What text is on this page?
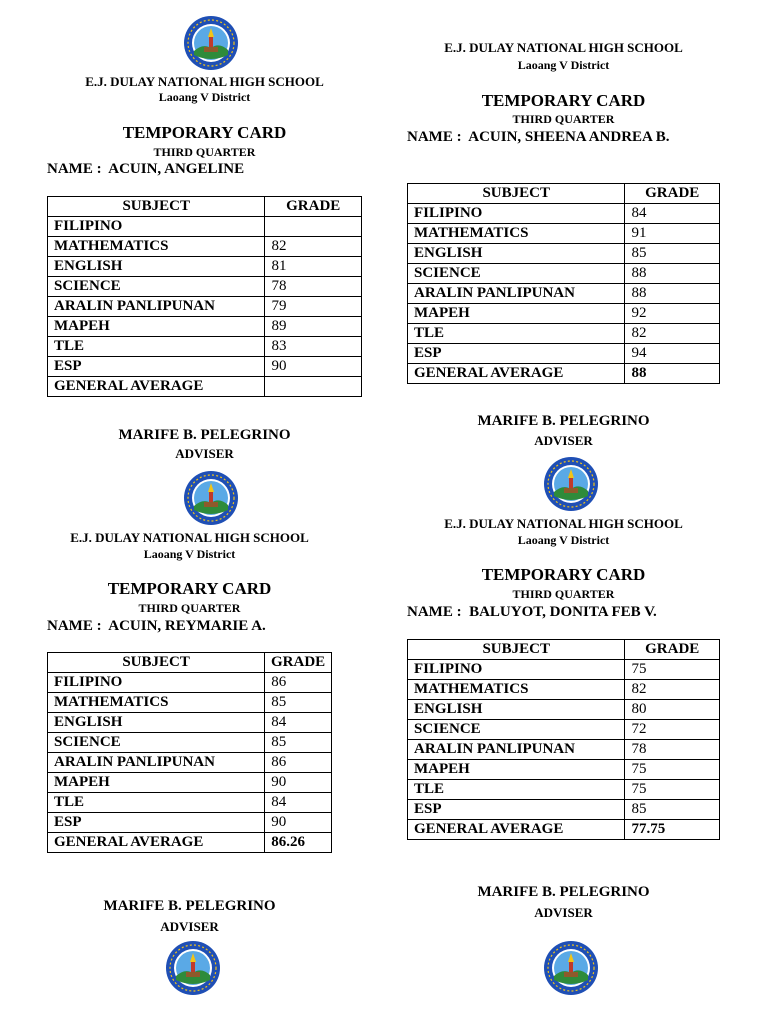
E.J. DULAY NATIONAL HIGH SCHOOL
Laoang V District
TEMPORARY CARD
THIRD QUARTER
NAME : ACUIN, ANGELINE
SUBJECT	GRADE
FILIPINO	
MATHEMATICS	82
ENGLISH	81
SCIENCE	78
ARALIN PANLIPUNAN	79
MAPEH	89
TLE	83
ESP	90
GENERAL AVERAGE	
MARIFE B. PELEGRINO
ADVISER
E.J. DULAY NATIONAL HIGH SCHOOL
Laoang V District
TEMPORARY CARD
THIRD QUARTER
NAME : ACUIN, SHEENA ANDREA B.
SUBJECT	GRADE
FILIPINO	84
MATHEMATICS	91
ENGLISH	85
SCIENCE	88
ARALIN PANLIPUNAN	88
MAPEH	92
TLE	82
ESP	94
GENERAL AVERAGE	88
MARIFE B. PELEGRINO
ADVISER
E.J. DULAY NATIONAL HIGH SCHOOL
Laoang V District
TEMPORARY CARD
THIRD QUARTER
NAME : ACUIN, REYMARIE A.
SUBJECT	GRADE
FILIPINO	86
MATHEMATICS	85
ENGLISH	84
SCIENCE	85
ARALIN PANLIPUNAN	86
MAPEH	90
TLE	84
ESP	90
GENERAL AVERAGE	86.26
MARIFE B. PELEGRINO
ADVISER
E.J. DULAY NATIONAL HIGH SCHOOL
Laoang V District
TEMPORARY CARD
THIRD QUARTER
NAME : BALUYOT, DONITA FEB V.
SUBJECT	GRADE
FILIPINO	75
MATHEMATICS	82
ENGLISH	80
SCIENCE	72
ARALIN PANLIPUNAN	78
MAPEH	75
TLE	75
ESP	85
GENERAL AVERAGE	77.75
MARIFE B. PELEGRINO
ADVISER
